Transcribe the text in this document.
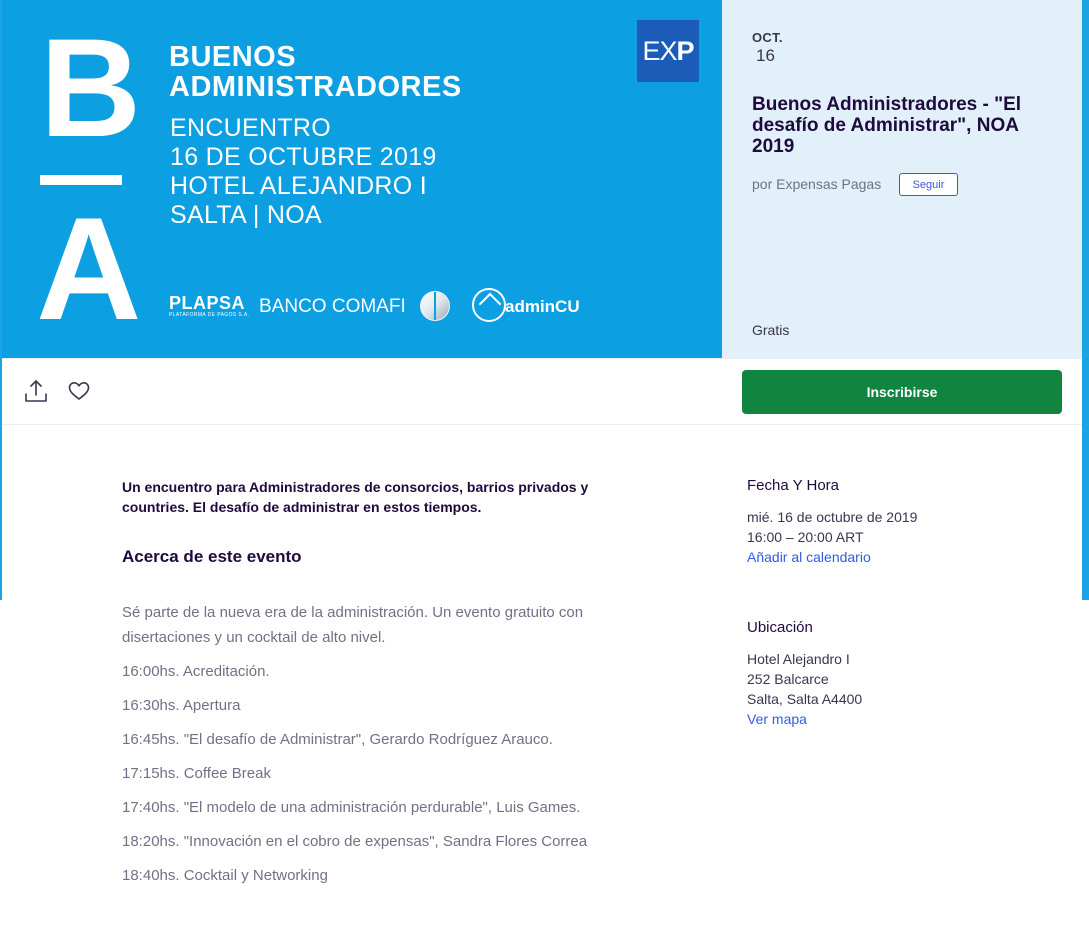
B
A
BUENOS
ADMINISTRADORES
ENCUENTRO
16 DE OCTUBRE 2019
HOTEL ALEJANDRO I
SALTA | NOA
EXP
PLAPSA
PLATAFORMA DE PAGOS S.A. BANCO COMAFI	adminCU
OCT.
16
Buenos Administradores - "El desafío de Administrar", NOA 2019
por Expensas Pagas	Seguir
Gratis
Inscribirse
Un encuentro para Administradores de consorcios, barrios privados y countries. El desafío de administrar en estos tiempos.
Acerca de este evento
Sé parte de la nueva era de la administración. Un evento gratuito con disertaciones y un cocktail de alto nivel.
16:00hs. Acreditación.
16:30hs. Apertura
16:45hs. "El desafío de Administrar", Gerardo Rodríguez Arauco.
17:15hs. Coffee Break
17:40hs. "El modelo de una administración perdurable", Luis Games.
18:20hs. "Innovación en el cobro de expensas", Sandra Flores Correa
18:40hs. Cocktail y Networking
Fecha Y Hora

mié. 16 de octubre de 2019

16:00 – 20:00 ART

Añadir al calendario
Ubicación

Hotel Alejandro I

252 Balcarce

Salta, Salta A4400

Ver mapa
